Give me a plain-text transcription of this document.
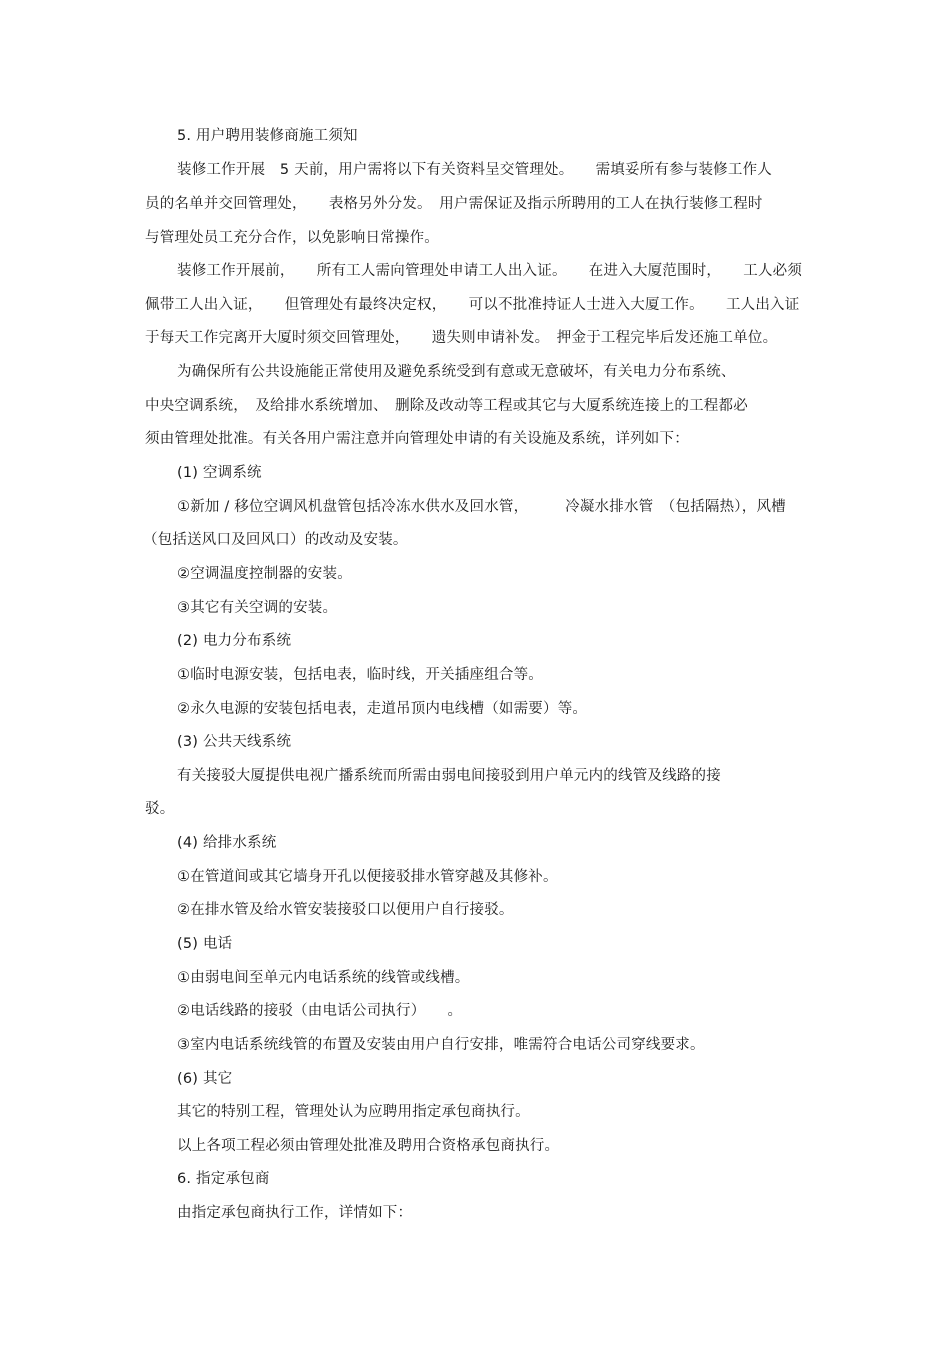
5. 用户聘用装修商施工须知
装修工作开展　5 天前，用户需将以下有关资料呈交管理处。　　需填妥所有参与装修工作人
员的名单并交回管理处，　　表格另外分发。　用户需保证及指示所聘用的工人在执行装修工程时
与管理处员工充分合作，以免影响日常操作。
装修工作开展前，　　所有工人需向管理处申请工人出入证。　　在进入大厦范围时，　　工人必须
佩带工人出入证，　　但管理处有最终决定权，　　可以不批准持证人士进入大厦工作。　　工人出入证
于每天工作完离开大厦时须交回管理处，　　遗失则申请补发。　押金于工程完毕后发还施工单位。
为确保所有公共设施能正常使用及避免系统受到有意或无意破坏，有关电力分布系统、
中央空调系统，　及给排水系统增加、　删除及改动等工程或其它与大厦系统连接上的工程都必
须由管理处批准。有关各用户需注意并向管理处申请的有关设施及系统，详列如下：
(1) 空调系统
①新加 / 移位空调风机盘管包括冷冻水供水及回水管，　　　冷凝水排水管　（包括隔热），风槽
（包括送风口及回风口）的改动及安装。
②空调温度控制器的安装。
③其它有关空调的安装。
(2) 电力分布系统
①临时电源安装，包括电表，临时线，开关插座组合等。
②永久电源的安装包括电表，走道吊顶内电线槽（如需要）等。
(3) 公共天线系统
有关接驳大厦提供电视广播系统而所需由弱电间接驳到用户单元内的线管及线路的接
驳。
(4) 给排水系统
①在管道间或其它墙身开孔以便接驳排水管穿越及其修补。
②在排水管及给水管安装接驳口以便用户自行接驳。
(5) 电话
①由弱电间至单元内电话系统的线管或线槽。
②电话线路的接驳（由电话公司执行）　　。
③室内电话系统线管的布置及安装由用户自行安排，唯需符合电话公司穿线要求。
(6) 其它
其它的特别工程，管理处认为应聘用指定承包商执行。
以上各项工程必须由管理处批准及聘用合资格承包商执行。
6. 指定承包商
由指定承包商执行工作，详情如下：
